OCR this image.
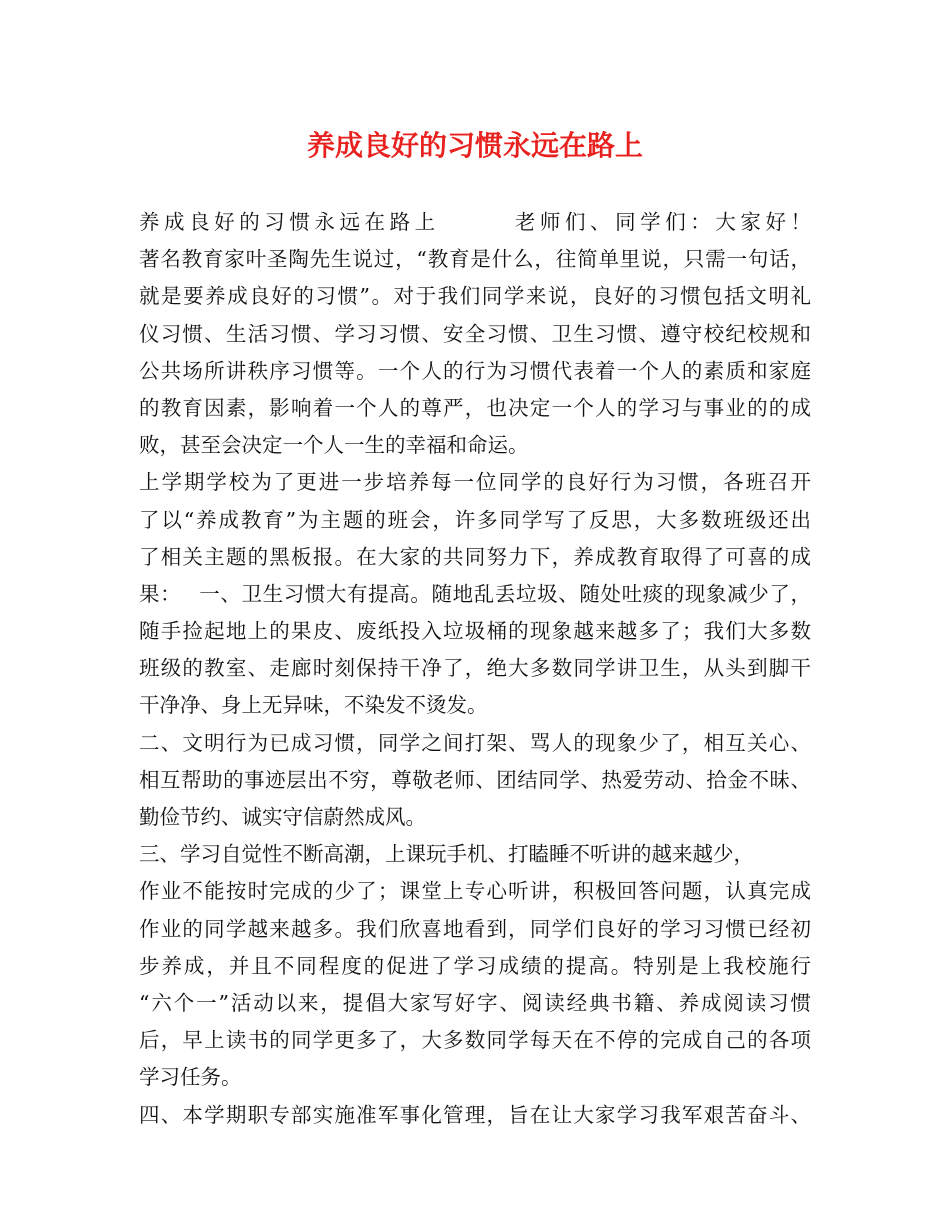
养成良好的习惯永远在路上
养成良好的习惯永远在路上　　　老师们、同学们：大家好！
著名教育家叶圣陶先生说过，“教育是什么，往简单里说，只需一句话，
就是要养成良好的习惯”。对于我们同学来说，良好的习惯包括文明礼
仪习惯、生活习惯、学习习惯、安全习惯、卫生习惯、遵守校纪校规和
公共场所讲秩序习惯等。一个人的行为习惯代表着一个人的素质和家庭
的教育因素，影响着一个人的尊严，也决定一个人的学习与事业的的成
败，甚至会决定一个人一生的幸福和命运。
上学期学校为了更进一步培养每一位同学的良好行为习惯，各班召开
了以“养成教育”为主题的班会，许多同学写了反思，大多数班级还出
了相关主题的黑板报。在大家的共同努力下，养成教育取得了可喜的成
果：　 一、卫生习惯大有提高。随地乱丢垃圾、随处吐痰的现象减少了，
随手捡起地上的果皮、废纸投入垃圾桶的现象越来越多了；我们大多数
班级的教室、走廊时刻保持干净了，绝大多数同学讲卫生，从头到脚干
干净净、身上无异味，不染发不烫发。
二、文明行为已成习惯，同学之间打架、骂人的现象少了，相互关心、
相互帮助的事迹层出不穷，尊敬老师、团结同学、热爱劳动、拾金不昧、
勤俭节约、诚实守信蔚然成风。
三、学习自觉性不断高潮，上课玩手机、打瞌睡不听讲的越来越少，
作业不能按时完成的少了；课堂上专心听讲，积极回答问题，认真完成
作业的同学越来越多。我们欣喜地看到，同学们良好的学习习惯已经初
步养成，并且不同程度的促进了学习成绩的提高。特别是上我校施行
“六个一”活动以来，提倡大家写好字、阅读经典书籍、养成阅读习惯
后，早上读书的同学更多了，大多数同学每天在不停的完成自己的各项
学习任务。
四、本学期职专部实施准军事化管理，旨在让大家学习我军艰苦奋斗、
